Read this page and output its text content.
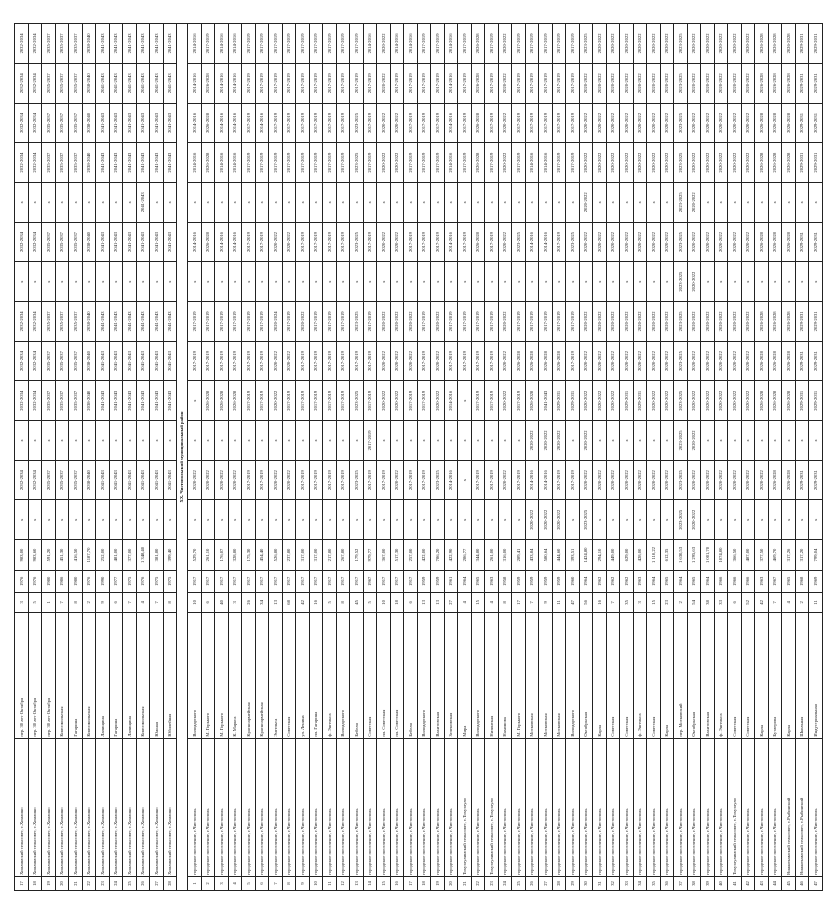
17	Хомлинский сельсовет, с.Хомлино	пер. 30 лет Октября	3	1976	983,00	х	2032-2034	х	2032-2034	2032-2034	2032-2034	х	2032-2034	х	2032-2034	2032-2034	2032-2034	2032-2034
18	Хомлинский сельсовет, с.Хомлино	пер. 30 лет Октября	5	1976	983,60	х	2032-2034	х	2032-2034	2032-2034	2032-2034	х	2032-2034	х	2032-2034	2032-2034	2032-2034	2032-2034
19	Хомлинский сельсовет, с.Хомлино	пер. 30 лет Октября	1	1980	591,20	х	2035-2037	х	2035-2037	2035-2037	2035-2037	х	2035-2037	х	2035-2037	2035-2037	2035-2037	2035-2037
20	Хомлинский сельсовет, с.Хомлино	Комсомольская	7	1986	451,30	х	2035-2037	х	2035-2037	2035-2037	2035-2037	х	2035-2037	х	2035-2037	2035-2037	2035-2037	2035-2037
21	Хомлинский сельсовет, с.Хомлино	Гагарина	8	1980	416,50	х	2035-2037	х	2035-2037	2035-2037	2035-2037	х	2035-2037	х	2035-2037	2035-2037	2035-2037	2035-2037
22	Хомлинский сельсовет, с.Хомлино	Комсомольская	2	1976	1187,70	х	2038-2040	х	2038-2040	2038-2040	2038-2040	х	2038-2040	х	2038-2040	2038-2040	2038-2040	2038-2040
23	Хомлинский сельсовет, с.Хомлино	Лапищина	9	1990	252,00	х	2041-2043	х	2041-2043	2041-2043	2041-2043	х	2041-2043	х	2041-2043	2041-2043	2041-2043	2041-2043
24	Хомлинский сельсовет, с.Хомлино	Гагарина	6	1977	481,00	х	2041-2043	х	2041-2043	2041-2043	2041-2043	х	2041-2043	х	2041-2043	2041-2043	2041-2043	2041-2043
25	Хомлинский сельсовет, с.Хомлино	Лапищина	7	1975	377,00	х	2041-2043	х	2041-2043	2041-2043	2041-2043	х	2041-2043	х	2041-2043	2041-2043	2041-2043	2041-2043
26	Хомлинский сельсовет, с.Хомлино	Комсомольская	4	1976	1 348,40	х	2041-2043	х	2041-2043	2041-2043	2041-2043	х	2041-2043	2041-2043	2041-2043	2041-2043	2041-2043	2041-2043
27	Хомлинский сельсовет, с.Хомлино	Южная	7	1975	381,80	х	2041-2043	х	2041-2043	2041-2043	2041-2043	х	2041-2043	х	2041-2043	2041-2043	2041-2043	2041-2043
28	Хомлинский сельсовет, с.Хомлино	Юбилейная	8	1975	399,40	х	2041-2043	х	2041-2043	2041-2043	2041-2043	х	2041-2043	х	2041-2043	2041-2043	2041-2043	2041-2043
XX. Чистопольский муниципальный район																		
1	городское поселение, г.Чистополь	Володарского	10	1917	529,70	х	2020-2022	х	х	2017-2019	2017-2019	х	2014-2016	х	2014-2016	2014-2016	2014-2016	2014-2016
2	городское поселение, г.Чистополь	М. Горького	6	1917	261,10	х	2020-2022	х	2026-2028	2017-2019	2017-2019	х	2026-2028	х	2026-2028	2026-2028	2026-2028	2017-2019
3	городское поселение, г.Чистополь	М. Горького	40	1917	176,07	х	2020-2022	х	2026-2028	2017-2019	2017-2019	х	2014-2016	х	2014-2016	2014-2016	2014-2016	2014-2016
4	городское поселение, г.Чистополь	К. Маркса	3	1917	328,80	х	2020-2022	х	2026-2028	2017-2019	2017-2019	х	2014-2016	х	2014-2016	2014-2016	2014-2016	2014-2016
5	городское поселение, г.Чистополь	Красноармейская	26	1917	175,30	х	2017-2019	х	2017-2019	2017-2019	2017-2019	х	2017-2019	х	2017-2019	2017-2019	2017-2019	2017-2019
6	городское поселение, г.Чистополь	Красноармейская	34	1917	454,40	х	2017-2019	х	2017-2019	2017-2019	2017-2019	х	2017-2019	х	2017-2019	2014-2016	2017-2019	2017-2019
7	городское поселение, г.Чистополь	Энгельса	13	1917	526,80	х	2020-2022	х	2020-2022	2020-2022	2020-2024	х	2020-2022	х	2017-2019	2017-2019	2017-2019	2017-2019
8	городское поселение, г.Чистополь	Советская	68	1917	237,80	х	2020-2022	х	2017-2019	2020-2022	2017-2019	х	2020-2022	х	2017-2019	2017-2019	2017-2019	2017-2019
9	городское поселение, г.Чистополь	ул. Ленина	42	1917	317,00	х	2017-2019	х	2017-2019	2017-2019	2020-2022	х	2017-2019	х	2017-2019	2017-2019	2017-2019	2017-2019
10	городское поселение, г.Чистополь	пл. Гагарина	16	1917	317,00	х	2017-2019	х	2017-2019	2017-2019	2017-2019	х	2017-2019	х	2017-2019	2017-2019	2017-2019	2017-2019
11	городское поселение, г.Чистополь	ф. Энгельса	5	1917	217,80	х	2017-2019	х	2017-2019	2017-2019	2017-2019	х	2017-2019	х	2017-2019	2017-2019	2017-2019	2017-2019
12	городское поселение, г.Чистополь	Володарского	8	1917	267,80	х	2017-2019	х	2017-2019	2017-2019	2017-2019	х	2017-2019	х	2017-2019	2017-2019	2017-2019	2017-2019
13	городское поселение, г.Чистополь	Бебеля	45	1917	179,52	х	2023-2025	х	2023-2025	2017-2019	2023-2025	х	2023-2025	х	2023-2025	2023-2025	2017-2019	2017-2019
14	городское поселение, г.Чистополь	Советская	5	1967	979,77	х	2017-2019	2017-2019	2017-2019	2017-2019	2017-2019	х	2017-2019	х	2017-2019	2017-2019	2017-2019	2014-2016
15	городское поселение, г.Чистополь	пл. Советская	10	1917	367,00	х	2017-2019	х	2020-2022	2020-2022	2020-2022	х	2020-2022	х	2020-2022	2020-2022	2020-2022	2020-2022
16	городское поселение, г.Чистополь	пл. Советская	18	1917	517,30	х	2020-2022	х	2020-2022	2020-2022	2020-2022	х	2020-2022	х	2020-2022	2020-2022	2017-2019	2014-2016
17	городское поселение, г.Чистополь	Бебеля	6	1917	257,00	х	2017-2019	х	2017-2019	2020-2022	2020-2022	х	2017-2019	х	2017-2019	2017-2019	2017-2019	2014-2016
18	городское поселение, г.Чистополь	Володарского	13	1959	422,00	х	2017-2019	х	2017-2019	2017-2019	2017-2019	х	2017-2019	х	2017-2019	2017-2019	2017-2019	2017-2019
19	городское поселение, г.Чистополь	Вахитовская	13	1959	786,20	х	2023-2025	х	2020-2022	2020-2022	2020-2022	х	2017-2019	х	2017-2019	2017-2019	2017-2019	2017-2019
20	городское поселение, г.Чистополь	Зеленовская	27	1961	422,90	х	2014-2016	х	2014-2016	2017-2019	2017-2019	х	2014-2016	х	2014-2016	2014-2016	2014-2016	2014-2016
21	Тохузлулинский сельсовет, с.Тохузлуло	Мира	4	1964	286,77	х	х	х	х	2017-2019	2017-2019	х	2017-2019	х	2017-2019	2017-2019	2017-2019	2017-2019
22	городское поселение, г.Чистополь	Володарского	15	1965	344,80	х	2017-2019	х	2017-2019	2017-2019	2017-2019	х	2026-2028	х	2026-2028	2026-2028	2026-2028	2026-2028
23	Тохузлулинский сельсовет, с.Тохузлуло	Низинская	4	1963	261,00	х	2017-2019	х	2017-2019	2017-2019	2017-2019	х	2017-2019	х	2017-2019	2017-2019	2017-2019	2017-2019
24	городское поселение, г.Чистополь	Нахимова	8	1958	316,00	х	2020-2022	х	2020-2022	2020-2022	2020-2022	х	2020-2022	х	2020-2022	2020-2022	2020-2022	2020-2022
25	городское поселение, г.Чистополь	М. Горького	17	1959	289,41	х	2017-2019	х	2017-2019	2026-2028	2017-2019	х	2023-2025	х	2017-2019	2017-2019	2017-2019	2017-2019
26	городское поселение, г.Чистополь	Московская	7	1959	433,84	2020-2022	2014-2016	2020-2022	2026-2028	2026-2028	2017-2019	х	2014-2016	х	2014-2016	2017-2019	2017-2019	2017-2019
27	городское поселение, г.Чистополь	Московская	9	1959	580,64	2020-2022	2014-2016	2020-2022	2041-2043	2026-2028	2017-2019	х	2014-2016	х	2014-2016	2017-2019	2017-2019	2017-2019
28	городское поселение, г.Чистополь	Московская	11	1959	444,60	2020-2022	2017-2019	2020-2022	2029-2031	2026-2028	2017-2019	х	2017-2019	х	2017-2019	2017-2019	2017-2019	2017-2019
29	городское поселение, г.Чистополь	Володарского	47	1960	393,51	х	2017-2019	х	2029-2031	2017-2019	2017-2019	х	2023-2025	х	2017-2019	2017-2019	2017-2019	2017-2019
30	городское поселение, г.Чистополь	Октябрьская	56	1964	1424,80	2023-2025	2020-2022	2020-2022	2020-2022	2020-2022	2020-2022	х	2020-2022	2020-2022	2020-2022	2020-2022	2020-2022	2023-2025
31	городское поселение, г.Чистополь	Карла	16	1962	294,10	х	2020-2022	х	2020-2022	2020-2022	2020-2022	х	2020-2022	х	2020-2022	2020-2022	2020-2022	2020-2022
32	городское поселение, г.Чистополь	Советская	7	1962	449,00	х	2020-2022	х	2020-2022	2020-2022	2020-2022	х	2020-2022	х	2020-2022	2020-2022	2020-2022	2020-2022
33	городское поселение, г.Чистополь	Советская	35	1962	629,00	х	2020-2022	х	2029-2031	2020-2022	2020-2022	х	2020-2022	х	2020-2022	2020-2022	2020-2022	2020-2022
34	городское поселение, г.Чистополь	ф. Энгельса	3	1963	428,00	х	2020-2022	х	2029-2031	2020-2022	2020-2022	х	2020-2022	х	2020-2022	2020-2022	2020-2022	2020-2022
35	городское поселение, г.Чистополь	Советская	15	1964	1 110,22	х	2020-2022	х	2020-2022	2020-2022	2020-2022	х	2020-2022	х	2020-2022	2020-2022	2020-2022	2020-2022
36	городское поселение, г.Чистополь	Карла	23	1965	612,35	х	2020-2022	х	2020-2022	2020-2022	2020-2022	х	2020-2022	х	2020-2022	2020-2022	2020-2022	2020-2022
37	городское поселение, г.Чистополь	пер. Московский	2	1964	1 630,53	2023-2025	2023-2025	2023-2025	2023-2025	2023-2025	2023-2025	2023-2025	2023-2025	2023-2025	2023-2025	2023-2025	2023-2025	2023-2025
38	городское поселение, г.Чистополь	Октябрьская	54	1965	1 295,63	2020-2022	2020-2022	2020-2022	2020-2022	2020-2022	2020-2022	2020-2022	2020-2022	2020-2022	2020-2022	2020-2022	2020-2022	2020-2022
39	городское поселение, г.Чистополь	Вахитовская	38	1964	1 001,70	х	2020-2022	х	2020-2022	2020-2022	2020-2022	х	2020-2022	х	2020-2022	2020-2022	2020-2022	2020-2022
40	городское поселение, г.Чистополь	ф. Энгельса	33	1966	1074,00	х	2020-2022	х	2020-2022	2020-2022	2020-2022	х	2020-2022	х	2020-2022	2020-2022	2020-2022	2020-2022
41	Тохузлулинский сельсовет, с.Тохузлуло	Советская	6	1966	366,50	х	2020-2022	х	2020-2022	2020-2022	2020-2022	х	2020-2022	х	2020-2022	2020-2022	2020-2022	2020-2022
42	городское поселение, г.Чистополь	Советская	52	1966	487,00	х	2020-2022	х	2020-2022	2020-2022	2020-2022	х	2020-2022	х	2020-2022	2020-2022	2020-2022	2020-2022
43	городское поселение, г.Чистополь	Карла	42	1963	377,50	х	2020-2022	х	2026-2028	2026-2028	2026-2028	х	2026-2028	х	2026-2028	2026-2028	2026-2028	2026-2028
44	городское поселение, г.Чистополь	Бутлерова	7	1967	469,70	х	2026-2028	х	2026-2028	2026-2028	2026-2028	х	2026-2028	х	2026-2028	2026-2028	2026-2028	2026-2028
45	Нижнекамский сельсовет, с.Рыбинский	Карла	4	1965	317,26	х	2026-2028	х	2026-2028	2026-2028	2026-2028	х	2026-2028	х	2026-2028	2026-2028	2026-2028	2026-2028
46	Нижнекамский сельсовет, с.Рыбинский	Школьная	2	1968	317,20	х	2029-2031	х	2029-2031	2029-2031	2029-2031	х	2029-2031	х	2029-2031	2029-2031	2029-2031	2029-2031
47	городское поселение, г.Чистополь	Индустриальная	11	1969	799,04	х	2029-2031	х	2029-2031	2029-2031	2029-2031	х	2029-2031	х	2029-2031	2029-2031	2029-2031	2029-2031
